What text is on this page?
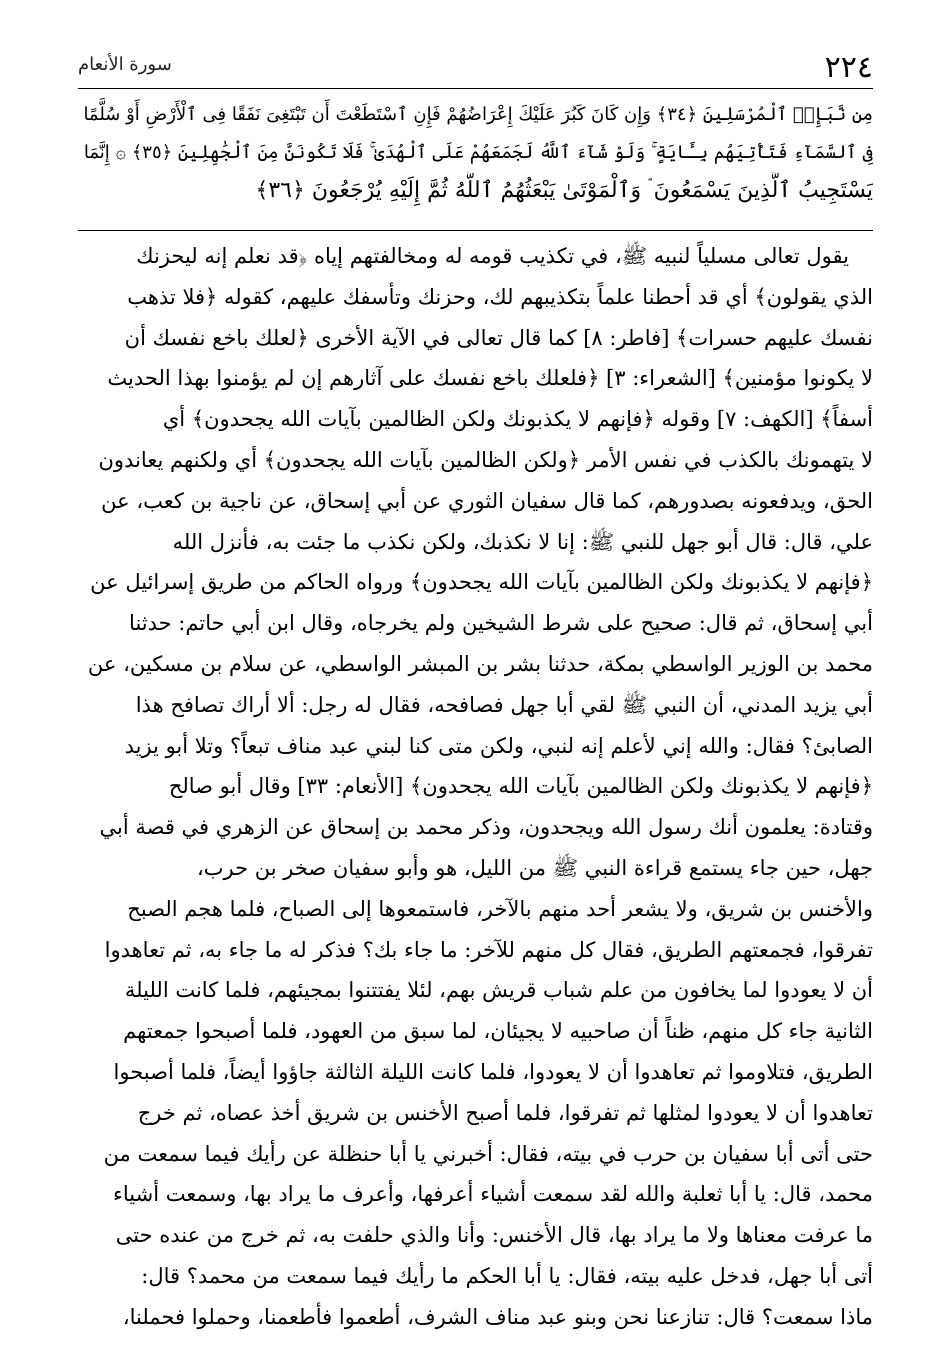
٢٢٤
سورة الأنعام
مِن نَّبَإِي۟ ٱلْمُرْسَلِينَ ﴿٣٤﴾ وَإِن كَانَ كَبُرَ عَلَيْكَ إِعْرَاضُهُمْ فَإِنِ ٱسْتَطَعْتَ أَن تَبْتَغِىَ نَفَقًا فِى ٱلْأَرْضِ أَوْ سُلَّمًا
فِى ٱلسَّمَآءِ فَتَأْتِيَهُم بِـَٔايَةٍ ۚ وَلَوْ شَآءَ ٱللَّهُ لَجَمَعَهُمْ عَلَى ٱلْهُدَىٰ ۚ فَلَا تَكُونَنَّ مِنَ ٱلْجَٰهِلِينَ ﴿٣٥﴾ ۞ إِنَّمَا
يَسْتَجِيبُ ٱلَّذِينَ يَسْمَعُونَ ۘ وَٱلْمَوْتَىٰ يَبْعَثُهُمُ ٱللَّهُ ثُمَّ إِلَيْهِ يُرْجَعُونَ ﴿٣٦﴾

يقول تعالى مسلياً لنبيه ﷺ، في تكذيب قومه له ومخالفتهم إياه ﴿قد نعلم إنه ليحزنك

الذي يقولون﴾ أي قد أحطنا علماً بتكذيبهم لك، وحزنك وتأسفك عليهم، كقوله ﴿فلا تذهب

نفسك عليهم حسرات﴾ [فاطر: ٨] كما قال تعالى في الآية الأخرى ﴿لعلك باخع نفسك أن

لا يكونوا مؤمنين﴾ [الشعراء: ٣] ﴿فلعلك باخع نفسك على آثارهم إن لم يؤمنوا بهذا الحديث

أسفاً﴾ [الكهف: ٧] وقوله ﴿فإنهم لا يكذبونك ولكن الظالمين بآيات الله يجحدون﴾ أي

لا يتهمونك بالكذب في نفس الأمر ﴿ولكن الظالمين بآيات الله يجحدون﴾ أي ولكنهم يعاندون

الحق، ويدفعونه بصدورهم، كما قال سفيان الثوري عن أبي إسحاق، عن ناجية بن كعب، عن

علي، قال: قال أبو جهل للنبي ﷺ: إنا لا نكذبك، ولكن نكذب ما جئت به، فأنزل الله

﴿فإنهم لا يكذبونك ولكن الظالمين بآيات الله يجحدون﴾ ورواه الحاكم من طريق إسرائيل عن

أبي إسحاق، ثم قال: صحيح على شرط الشيخين ولم يخرجاه، وقال ابن أبي حاتم: حدثنا

محمد بن الوزير الواسطي بمكة، حدثنا بشر بن المبشر الواسطي، عن سلام بن مسكين، عن

أبي يزيد المدني، أن النبي ﷺ لقي أبا جهل فصافحه، فقال له رجل: ألا أراك تصافح هذا

الصابئ؟ فقال: والله إني لأعلم إنه لنبي، ولكن متى كنا لبني عبد مناف تبعاً؟ وتلا أبو يزيد

﴿فإنهم لا يكذبونك ولكن الظالمين بآيات الله يجحدون﴾ [الأنعام: ٣٣] وقال أبو صالح

وقتادة: يعلمون أنك رسول الله ويجحدون، وذكر محمد بن إسحاق عن الزهري في قصة أبي

جهل، حين جاء يستمع قراءة النبي ﷺ من الليل، هو وأبو سفيان صخر بن حرب،

والأخنس بن شريق، ولا يشعر أحد منهم بالآخر، فاستمعوها إلى الصباح، فلما هجم الصبح

تفرقوا، فجمعتهم الطريق، فقال كل منهم للآخر: ما جاء بك؟ فذكر له ما جاء به، ثم تعاهدوا

أن لا يعودوا لما يخافون من علم شباب قريش بهم، لئلا يفتتنوا بمجيئهم، فلما كانت الليلة

الثانية جاء كل منهم، ظناً أن صاحبيه لا يجيئان، لما سبق من العهود، فلما أصبحوا جمعتهم

الطريق، فتلاوموا ثم تعاهدوا أن لا يعودوا، فلما كانت الليلة الثالثة جاؤوا أيضاً، فلما أصبحوا

تعاهدوا أن لا يعودوا لمثلها ثم تفرقوا، فلما أصبح الأخنس بن شريق أخذ عصاه، ثم خرج

حتى أتى أبا سفيان بن حرب في بيته، فقال: أخبرني يا أبا حنظلة عن رأيك فيما سمعت من

محمد، قال: يا أبا ثعلبة والله لقد سمعت أشياء أعرفها، وأعرف ما يراد بها، وسمعت أشياء

ما عرفت معناها ولا ما يراد بها، قال الأخنس: وأنا والذي حلفت به، ثم خرج من عنده حتى

أتى أبا جهل، فدخل عليه بيته، فقال: يا أبا الحكم ما رأيك فيما سمعت من محمد؟ قال:

ماذا سمعت؟ قال: تنازعنا نحن وبنو عبد مناف الشرف، أطعموا فأطعمنا، وحملوا فحملنا،
